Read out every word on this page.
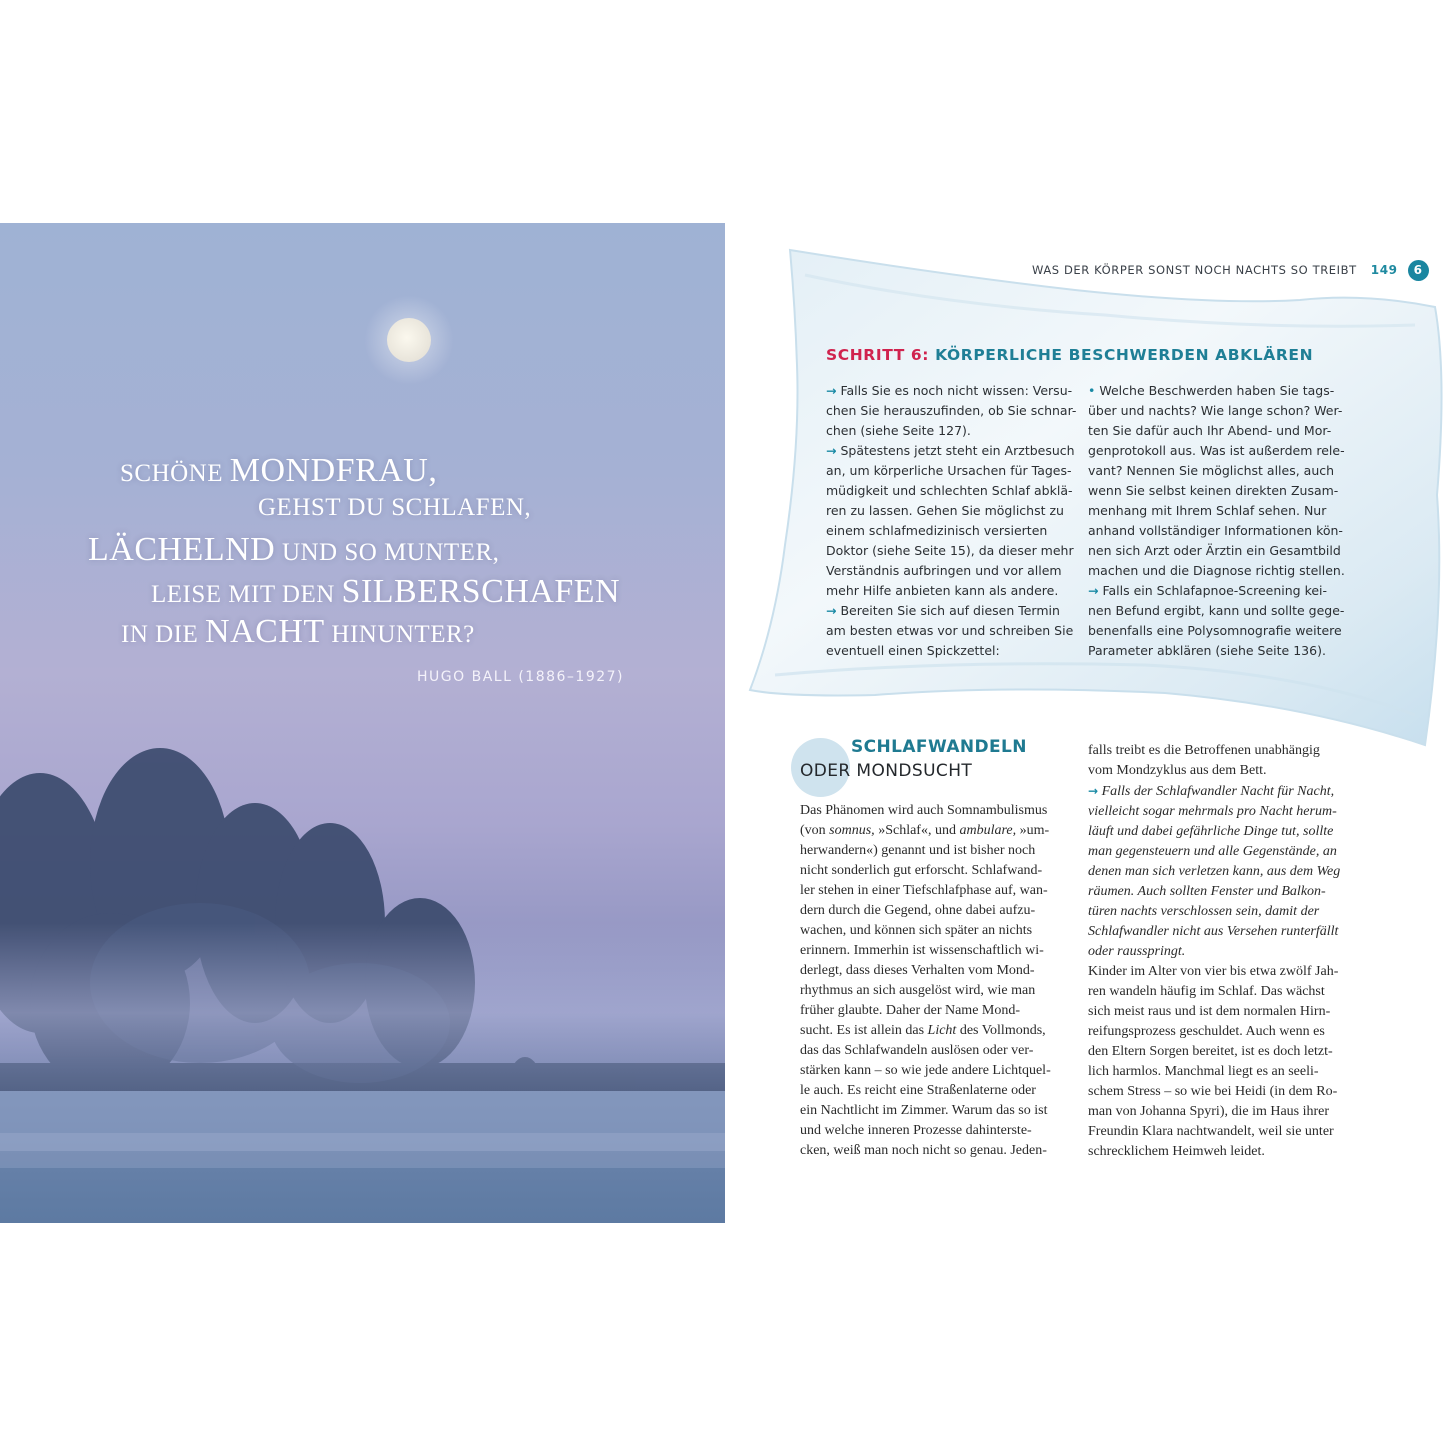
SCHÖNE MONDFRAU,
GEHST DU SCHLAFEN,
LÄCHELND UND SO MUNTER,
LEISE MIT DEN SILBERSCHAFEN
IN DIE NACHT HINUNTER?
HUGO BALL (1886–1927)
WAS DER KÖRPER SONST NOCH NACHTS SO TREIBT 149	6
SCHRITT 6: KÖRPERLICHE BESCHWERDEN ABKLÄREN

→ Falls Sie es noch nicht wissen: Versu-

chen Sie herauszufinden, ob Sie schnar-

chen (siehe Seite 127).

→ Spätestens jetzt steht ein Arztbesuch

an, um körperliche Ursachen für Tages-

müdigkeit und schlechten Schlaf abklä-

ren zu lassen. Gehen Sie möglichst zu

einem schlafmedizinisch versierten

Doktor (siehe Seite 15), da dieser mehr

Verständnis aufbringen und vor allem

mehr Hilfe anbieten kann als andere.

→ Bereiten Sie sich auf diesen Termin

am besten etwas vor und schreiben Sie

eventuell einen Spickzettel:

• Welche Beschwerden haben Sie tags-

über und nachts? Wie lange schon? Wer-

ten Sie dafür auch Ihr Abend- und Mor-

genprotokoll aus. Was ist außerdem rele-

vant? Nennen Sie möglichst alles, auch

wenn Sie selbst keinen direkten Zusam-

menhang mit Ihrem Schlaf sehen. Nur

anhand vollständiger Informationen kön-

nen sich Arzt oder Ärztin ein Gesamtbild

machen und die Diagnose richtig stellen.

→ Falls ein Schlafapnoe-Screening kei-

nen Befund ergibt, kann und sollte gege-

benenfalls eine Polysomnografie weitere

Parameter abklären (siehe Seite 136).

SCHLAFWANDELN
ODER MONDSUCHT

Das Phänomen wird auch Somnambulismus

(von somnus, »Schlaf«, und ambulare, »um-

herwandern«) genannt und ist bisher noch

nicht sonderlich gut erforscht. Schlafwand-

ler stehen in einer Tiefschlafphase auf, wan-

dern durch die Gegend, ohne dabei aufzu-

wachen, und können sich später an nichts

erinnern. Immerhin ist wissenschaftlich wi-

derlegt, dass dieses Verhalten vom Mond-

rhythmus an sich ausgelöst wird, wie man

früher glaubte. Daher der Name Mond-

sucht. Es ist allein das Licht des Vollmonds,

das das Schlafwandeln auslösen oder ver-

stärken kann – so wie jede andere Lichtquel-

le auch. Es reicht eine Straßenlaterne oder

ein Nachtlicht im Zimmer. Warum das so ist

und welche inneren Prozesse dahinterste-

cken, weiß man noch nicht so genau. Jeden-

falls treibt es die Betroffenen unabhängig

vom Mondzyklus aus dem Bett.

→ Falls der Schlafwandler Nacht für Nacht,

vielleicht sogar mehrmals pro Nacht herum-

läuft und dabei gefährliche Dinge tut, sollte

man gegensteuern und alle Gegenstände, an

denen man sich verletzen kann, aus dem Weg

räumen. Auch sollten Fenster und Balkon-

türen nachts verschlossen sein, damit der

Schlafwandler nicht aus Versehen runterfällt

oder rausspringt.

Kinder im Alter von vier bis etwa zwölf Jah-

ren wandeln häufig im Schlaf. Das wächst

sich meist raus und ist dem normalen Hirn-

reifungsprozess geschuldet. Auch wenn es

den Eltern Sorgen bereitet, ist es doch letzt-

lich harmlos. Manchmal liegt es an seeli-

schem Stress – so wie bei Heidi (in dem Ro-

man von Johanna Spyri), die im Haus ihrer

Freundin Klara nachtwandelt, weil sie unter

schrecklichem Heimweh leidet.
